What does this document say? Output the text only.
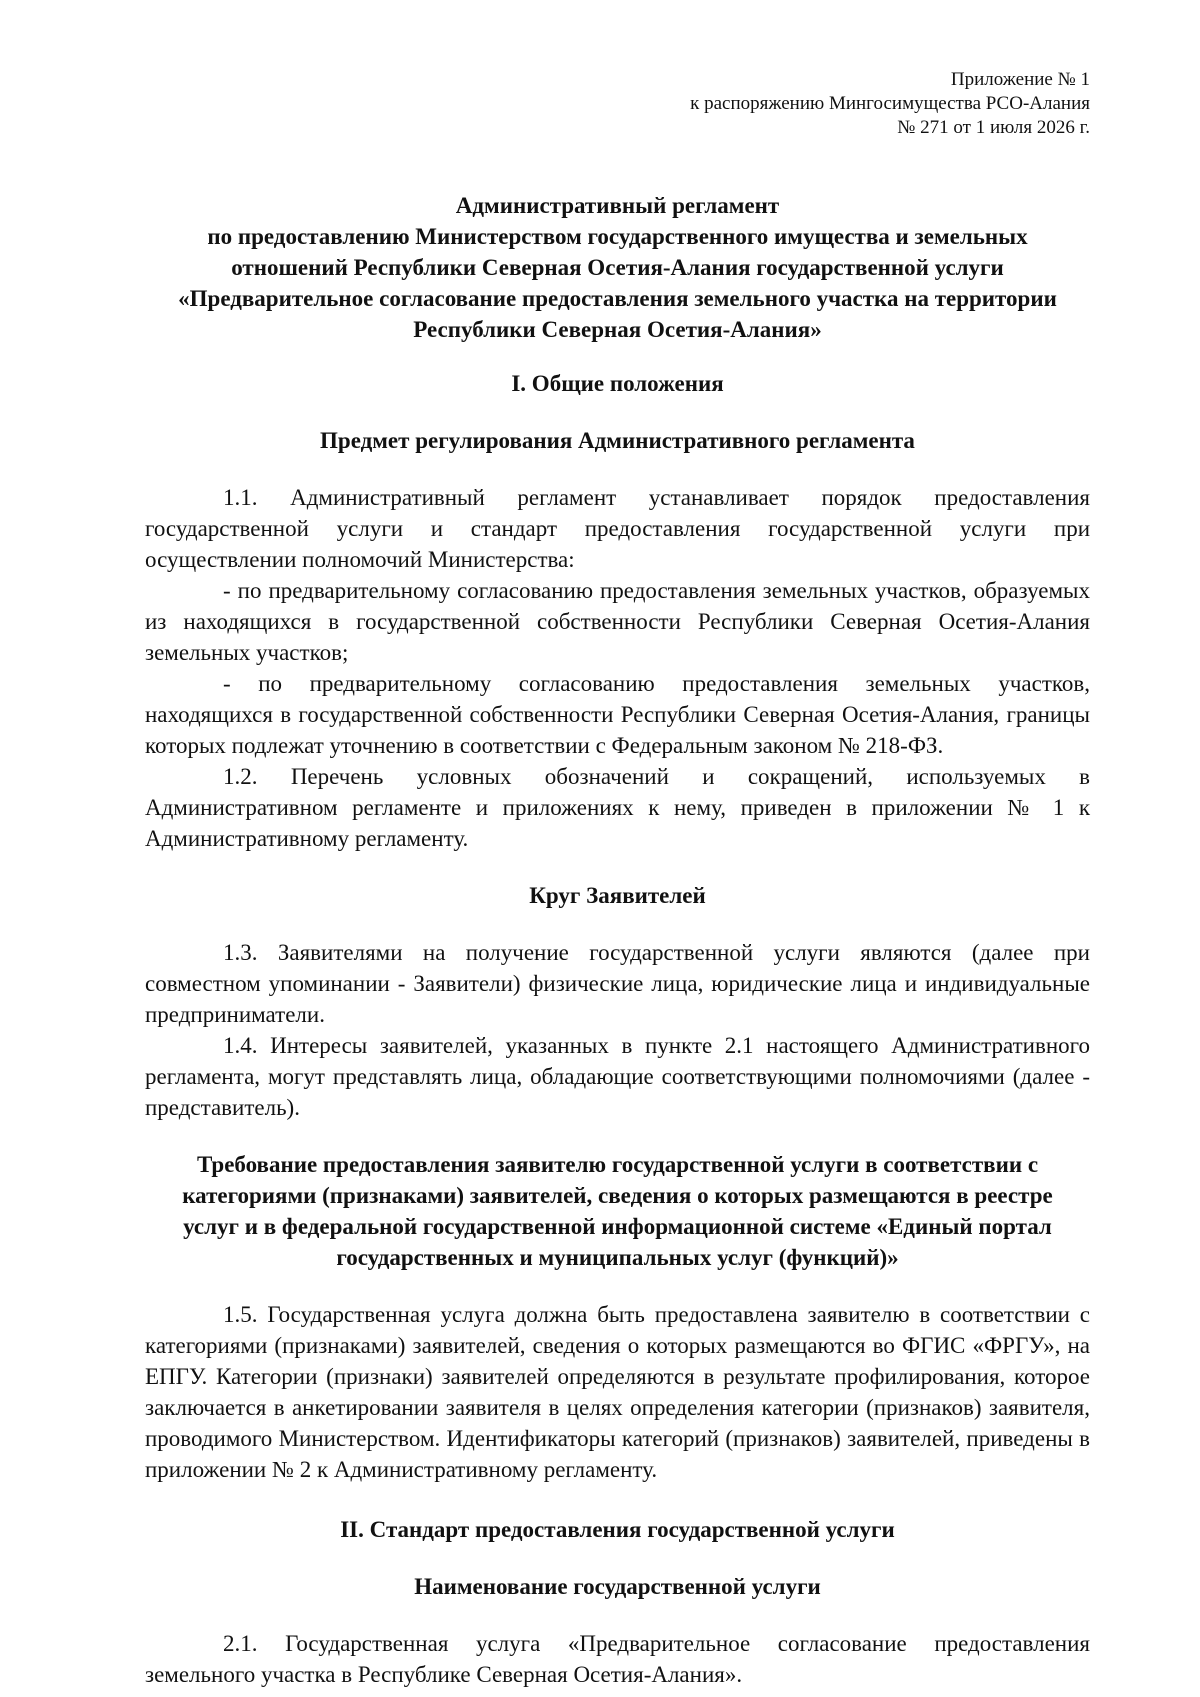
Приложение № 1
к распоряжению Мингосимущества РСО-Алания
№ 271 от 1 июля 2026 г.
Административный регламент
по предоставлению Министерством государственного имущества и земельных
отношений Республики Северная Осетия-Алания государственной услуги
«Предварительное согласование предоставления земельного участка на территории
Республики Северная Осетия-Алания»
I. Общие положения
Предмет регулирования Административного регламента

1.1. Административный регламент устанавливает порядок предоставления государственной услуги и стандарт предоставления государственной услуги при осуществлении полномочий Министерства:

- по предварительному согласованию предоставления земельных участков, образуемых из находящихся в государственной собственности Республики Северная Осетия-Алания земельных участков;

- по предварительному согласованию предоставления земельных участков, находящихся в государственной собственности Республики Северная Осетия-Алания, границы которых подлежат уточнению в соответствии с Федеральным законом № 218-ФЗ.

1.2. Перечень условных обозначений и сокращений, используемых в Административном регламенте и приложениях к нему, приведен в приложении № 1 к Административному регламенту.

Круг Заявителей

1.3. Заявителями на получение государственной услуги являются (далее при совместном упоминании - Заявители) физические лица, юридические лица и индивидуальные предприниматели.

1.4. Интересы заявителей, указанных в пункте 2.1 настоящего Административного регламента, могут представлять лица, обладающие соответствующими полномочиями (далее - представитель).

Требование предоставления заявителю государственной услуги в соответствии с
категориями (признаками) заявителей, сведения о которых размещаются в реестре
услуг и в федеральной государственной информационной системе «Единый портал
государственных и муниципальных услуг (функций)»

1.5. Государственная услуга должна быть предоставлена заявителю в соответствии с категориями (признаками) заявителей, сведения о которых размещаются во ФГИС «ФРГУ», на ЕПГУ. Категории (признаки) заявителей определяются в результате профилирования, которое заключается в анкетировании заявителя в целях определения категории (признаков) заявителя, проводимого Министерством. Идентификаторы категорий (признаков) заявителей, приведены в приложении № 2 к Административному регламенту.

II. Стандарт предоставления государственной услуги
Наименование государственной услуги

2.1. Государственная услуга «Предварительное согласование предоставления земельного участка в Республике Северная Осетия-Алания».
